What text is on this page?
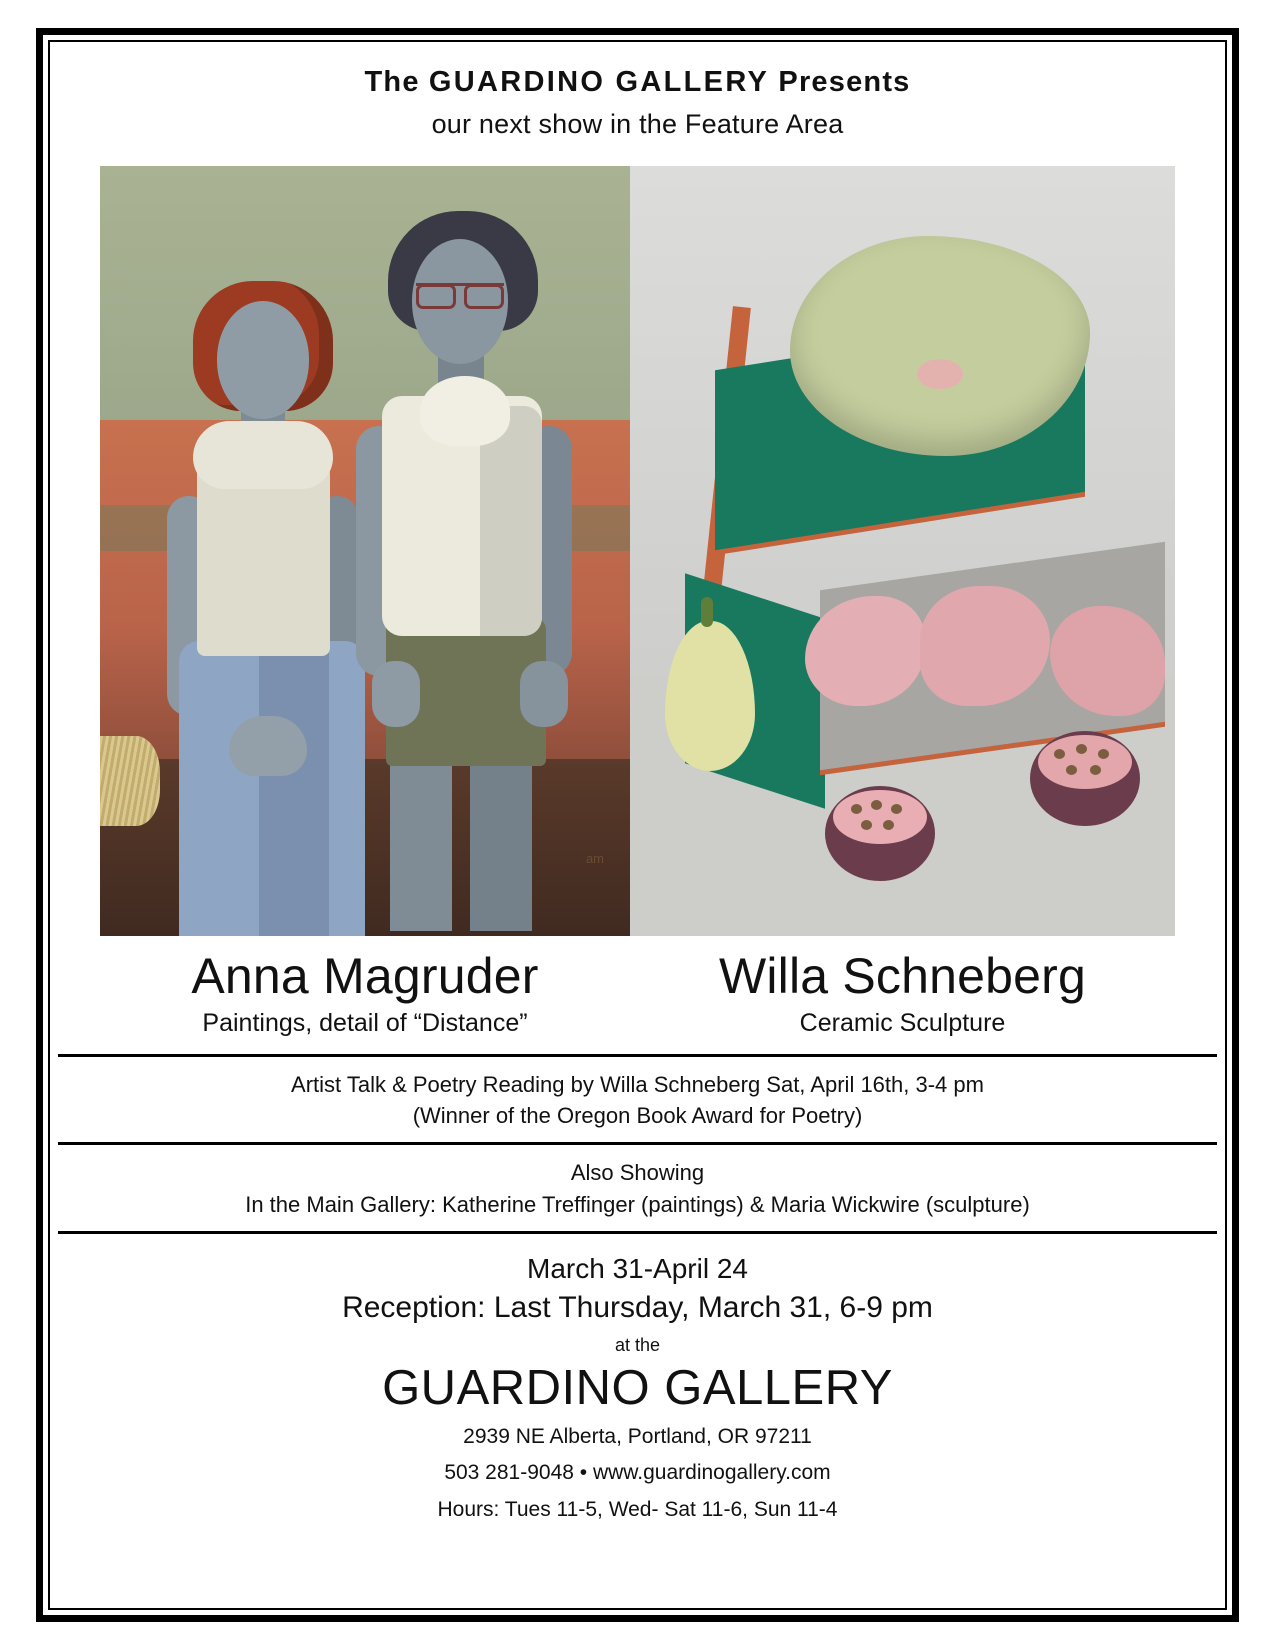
The GUARDINO GALLERY Presents
our next show in the Feature Area
am
Anna Magruder
Paintings, detail of “Distance”
Willa Schneberg
Ceramic Sculpture
Artist Talk & Poetry Reading by Willa Schneberg Sat, April 16th, 3-4 pm
(Winner of the Oregon Book Award for Poetry)
Also Showing
In the Main Gallery: Katherine Treffinger (paintings) & Maria Wickwire (sculpture)
March 31-April 24
Reception: Last Thursday, March 31, 6-9 pm
at the
GUARDINO GALLERY
2939 NE Alberta, Portland, OR 97211
503 281-9048 • www.guardinogallery.com
Hours: Tues 11-5, Wed- Sat 11-6, Sun 11-4
